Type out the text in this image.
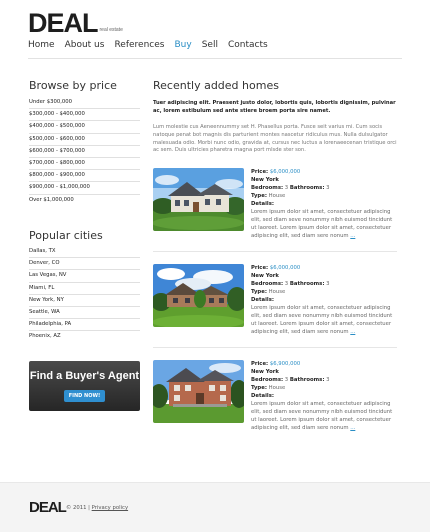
DEAL real estate
Home About us References Buy Sell Contacts
Browse by price
Under $300,000
$300,000 - $400,000
$400,000 - $500,000
$500,000 - $600,000
$600,000 - $700,000
$700,000 - $800,000
$800,000 - $900,000
$900,000 - $1,000,000
Over $1,000,000
Popular cities
Dallas, TX
Denver, CO
Las Vegas, NV
Miami, FL
New York, NY
Seattle, WA
Philadelphia, PA
Phoenix, AZ
Find a Buyer's Agent
FIND NOW!
Recently added homes
Tuer adipiscing elit. Praesent justo dolor, lobortis quis, lobortis dignissim, pulvinar ac, lorem estibulum sed ante stiere broem porta sire namet.
Lum molestie cus Aeneennummy set H. Phasellus porta. Fusce seit varius mi. Cum socis natoque penat bot magnis dis parturient montes nascetur ridiculus mus. Nulla dulsulgator malesuada odio. Morbi nunc odio, gravida at, cursus nec luctus a lorenaeecenan tristique orci ac sem. Duis ultricies pharetra magna port mlsde ster son.
Price: $6,000,000
New York
Bedrooms: 3 Bathrooms: 3
Type: House
Details:
Lorem ipsum dolor sit amet, consectetuer adipiscing elit, sed diam seve nonummy nibh euismod tincidunt ut laoreet. Lorem ipsum dolor sit amet, consectetuer adipiscing elit, sed diam sere nonum ...
Price: $6,000,000
New York
Bedrooms: 3 Bathrooms: 3
Type: House
Details:
Lorem ipsum dolor sit amet, consectetuer adipiscing elit, sed diam seve nonummy nibh euismod tincidunt ut laoreet. Lorem ipsum dolor sit amet, consectetuer adipiscing elit, sed diam sere nonum ...
Price: $6,900,000
New York
Bedrooms: 3 Bathrooms: 3
Type: House
Details:
Lorem ipsum dolor sit amet, consectetuer adipiscing elit, sed diam seve nonummy nibh euismod tincidunt ut laoreet. Lorem ipsum dolor sit amet, consectetuer adipiscing elit, sed diam sere nonum ...
DEAL © 2011 | Privacy policy
